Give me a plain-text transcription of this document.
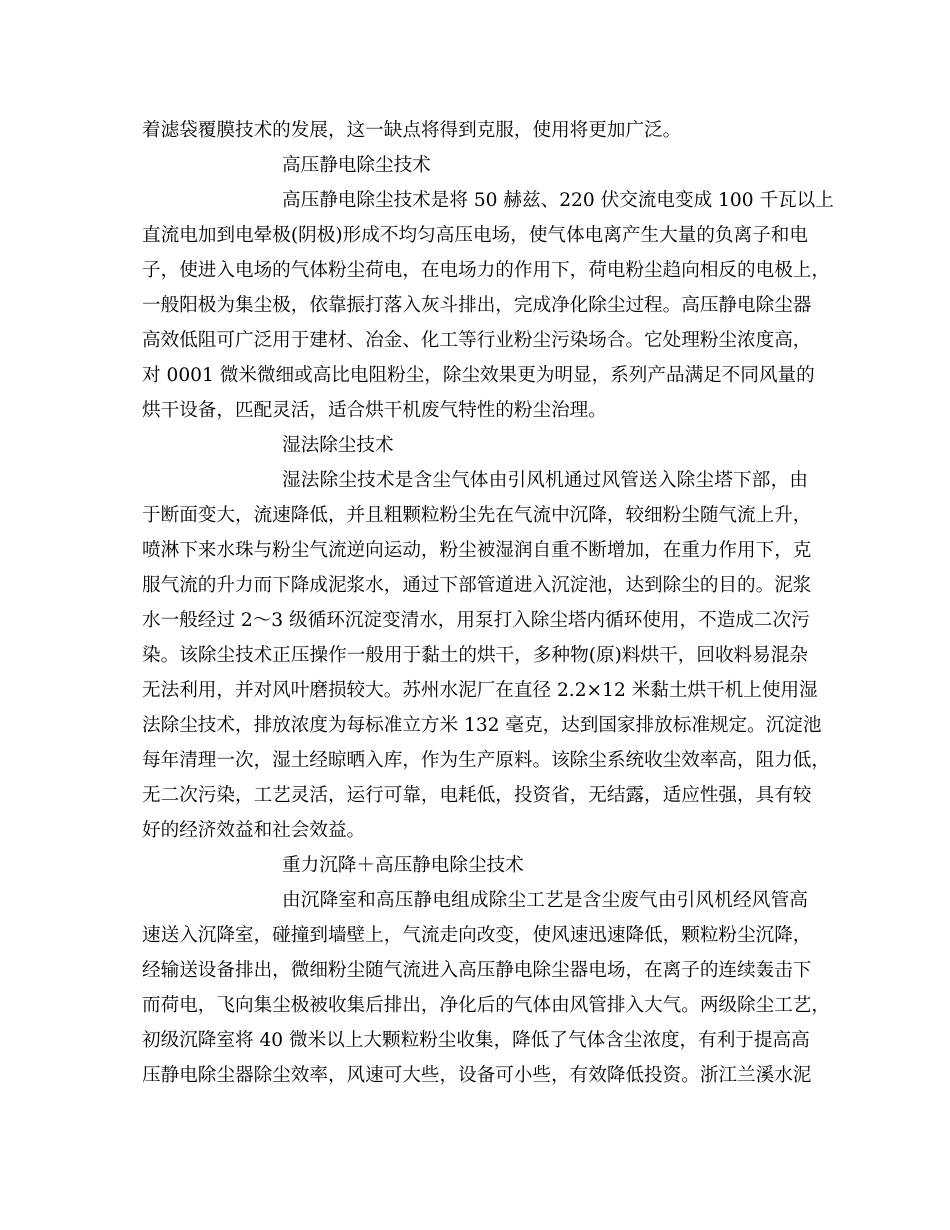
着滤袋覆膜技术的发展，这一缺点将得到克服，使用将更加广泛。
高压静电除尘技术
高压静电除尘技术是将 50 赫兹、220 伏交流电变成 100 千瓦以上
直流电加到电晕极(阴极)形成不均匀高压电场，使气体电离产生大量的负离子和电
子，使进入电场的气体粉尘荷电，在电场力的作用下，荷电粉尘趋向相反的电极上，
一般阳极为集尘极，依靠振打落入灰斗排出，完成净化除尘过程。高压静电除尘器
高效低阻可广泛用于建材、冶金、化工等行业粉尘污染场合。它处理粉尘浓度高，
对 0001 微米微细或高比电阻粉尘，除尘效果更为明显，系列产品满足不同风量的
烘干设备，匹配灵活，适合烘干机废气特性的粉尘治理。
湿法除尘技术
湿法除尘技术是含尘气体由引风机通过风管送入除尘塔下部，由
于断面变大，流速降低，并且粗颗粒粉尘先在气流中沉降，较细粉尘随气流上升，
喷淋下来水珠与粉尘气流逆向运动，粉尘被湿润自重不断增加，在重力作用下，克
服气流的升力而下降成泥浆水，通过下部管道进入沉淀池，达到除尘的目的。泥浆
水一般经过 2～3 级循环沉淀变清水，用泵打入除尘塔内循环使用，不造成二次污
染。该除尘技术正压操作一般用于黏土的烘干，多种物(原)料烘干，回收料易混杂
无法利用，并对风叶磨损较大。苏州水泥厂在直径 2.2×12 米黏土烘干机上使用湿
法除尘技术，排放浓度为每标准立方米 132 毫克，达到国家排放标准规定。沉淀池
每年清理一次，湿土经晾晒入库，作为生产原料。该除尘系统收尘效率高，阻力低，
无二次污染，工艺灵活，运行可靠，电耗低，投资省，无结露，适应性强，具有较
好的经济效益和社会效益。
重力沉降＋高压静电除尘技术
由沉降室和高压静电组成除尘工艺是含尘废气由引风机经风管高
速送入沉降室，碰撞到墙壁上，气流走向改变，使风速迅速降低，颗粒粉尘沉降，
经输送设备排出，微细粉尘随气流进入高压静电除尘器电场，在离子的连续轰击下
而荷电，飞向集尘极被收集后排出，净化后的气体由风管排入大气。两级除尘工艺，
初级沉降室将 40 微米以上大颗粒粉尘收集，降低了气体含尘浓度，有利于提高高
压静电除尘器除尘效率，风速可大些，设备可小些，有效降低投资。浙江兰溪水泥
